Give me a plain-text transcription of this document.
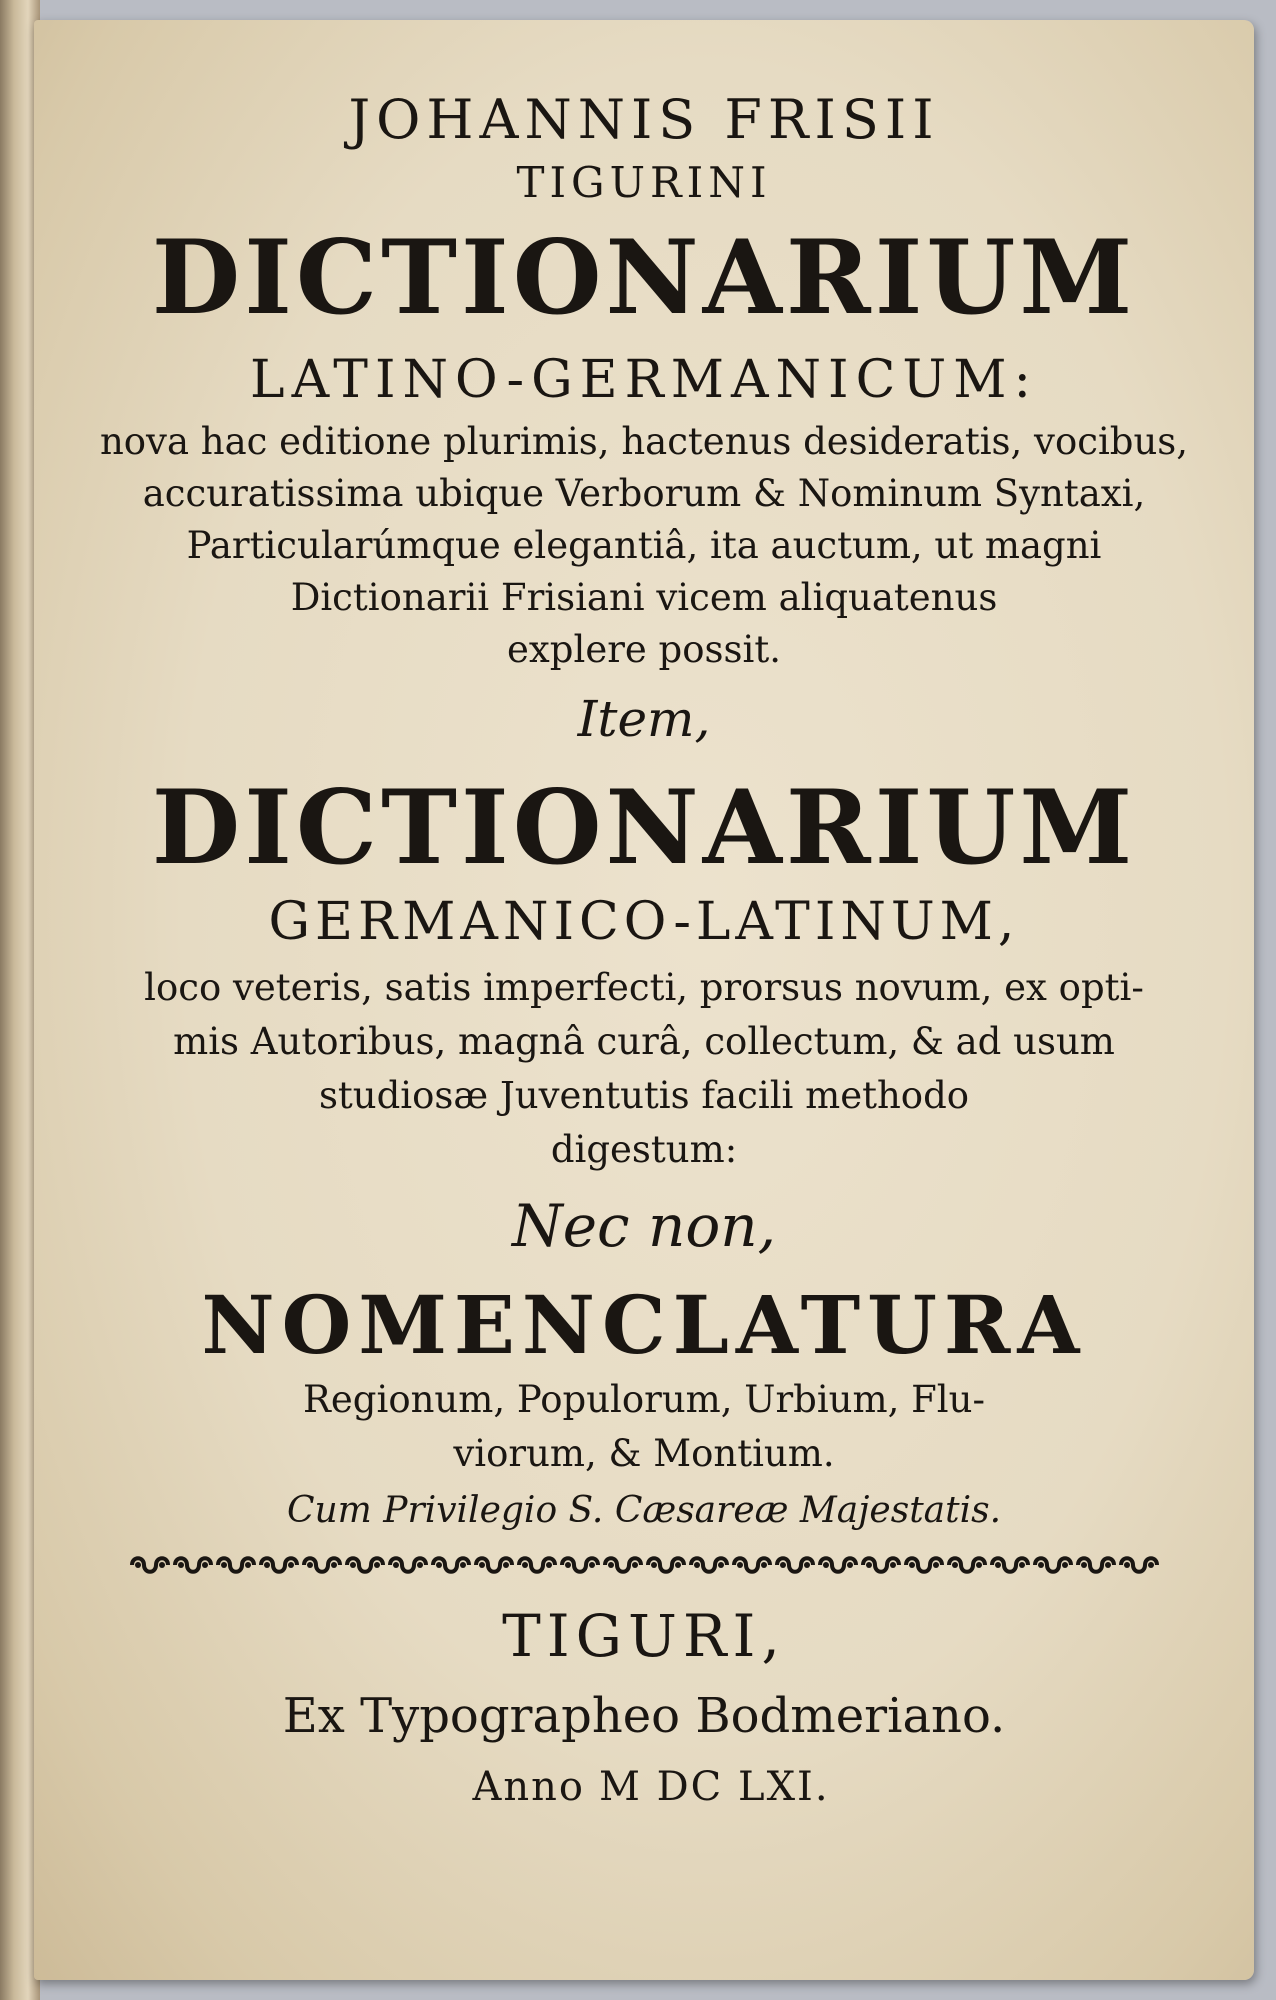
JOHANNIS FRISII
TIGURINI
DICTIONARIUM
LATINO-GERMANICUM:
nova hac editione plurimis, hactenus desideratis, vocibus,
accuratissima ubique Verborum & Nominum Syntaxi,
Particularúmque elegantiâ, ita auctum, ut magni
Dictionarii Frisiani vicem aliquatenus
explere possit.
Item,
DICTIONARIUM
GERMANICO-LATINUM,
loco veteris, satis imperfecti, prorsus novum, ex opti-
mis Autoribus, magnâ curâ, collectum, & ad usum
studiosæ Juventutis facili methodo
digestum:
Nec non,
NOMENCLATURA
Regionum, Populorum, Urbium, Flu-
viorum, & Montium.
Cum Privilegio S. Cæsareæ Majestatis.
TIGURI,
Ex Typographeo Bodmeriano.
Anno M DC LXI.
